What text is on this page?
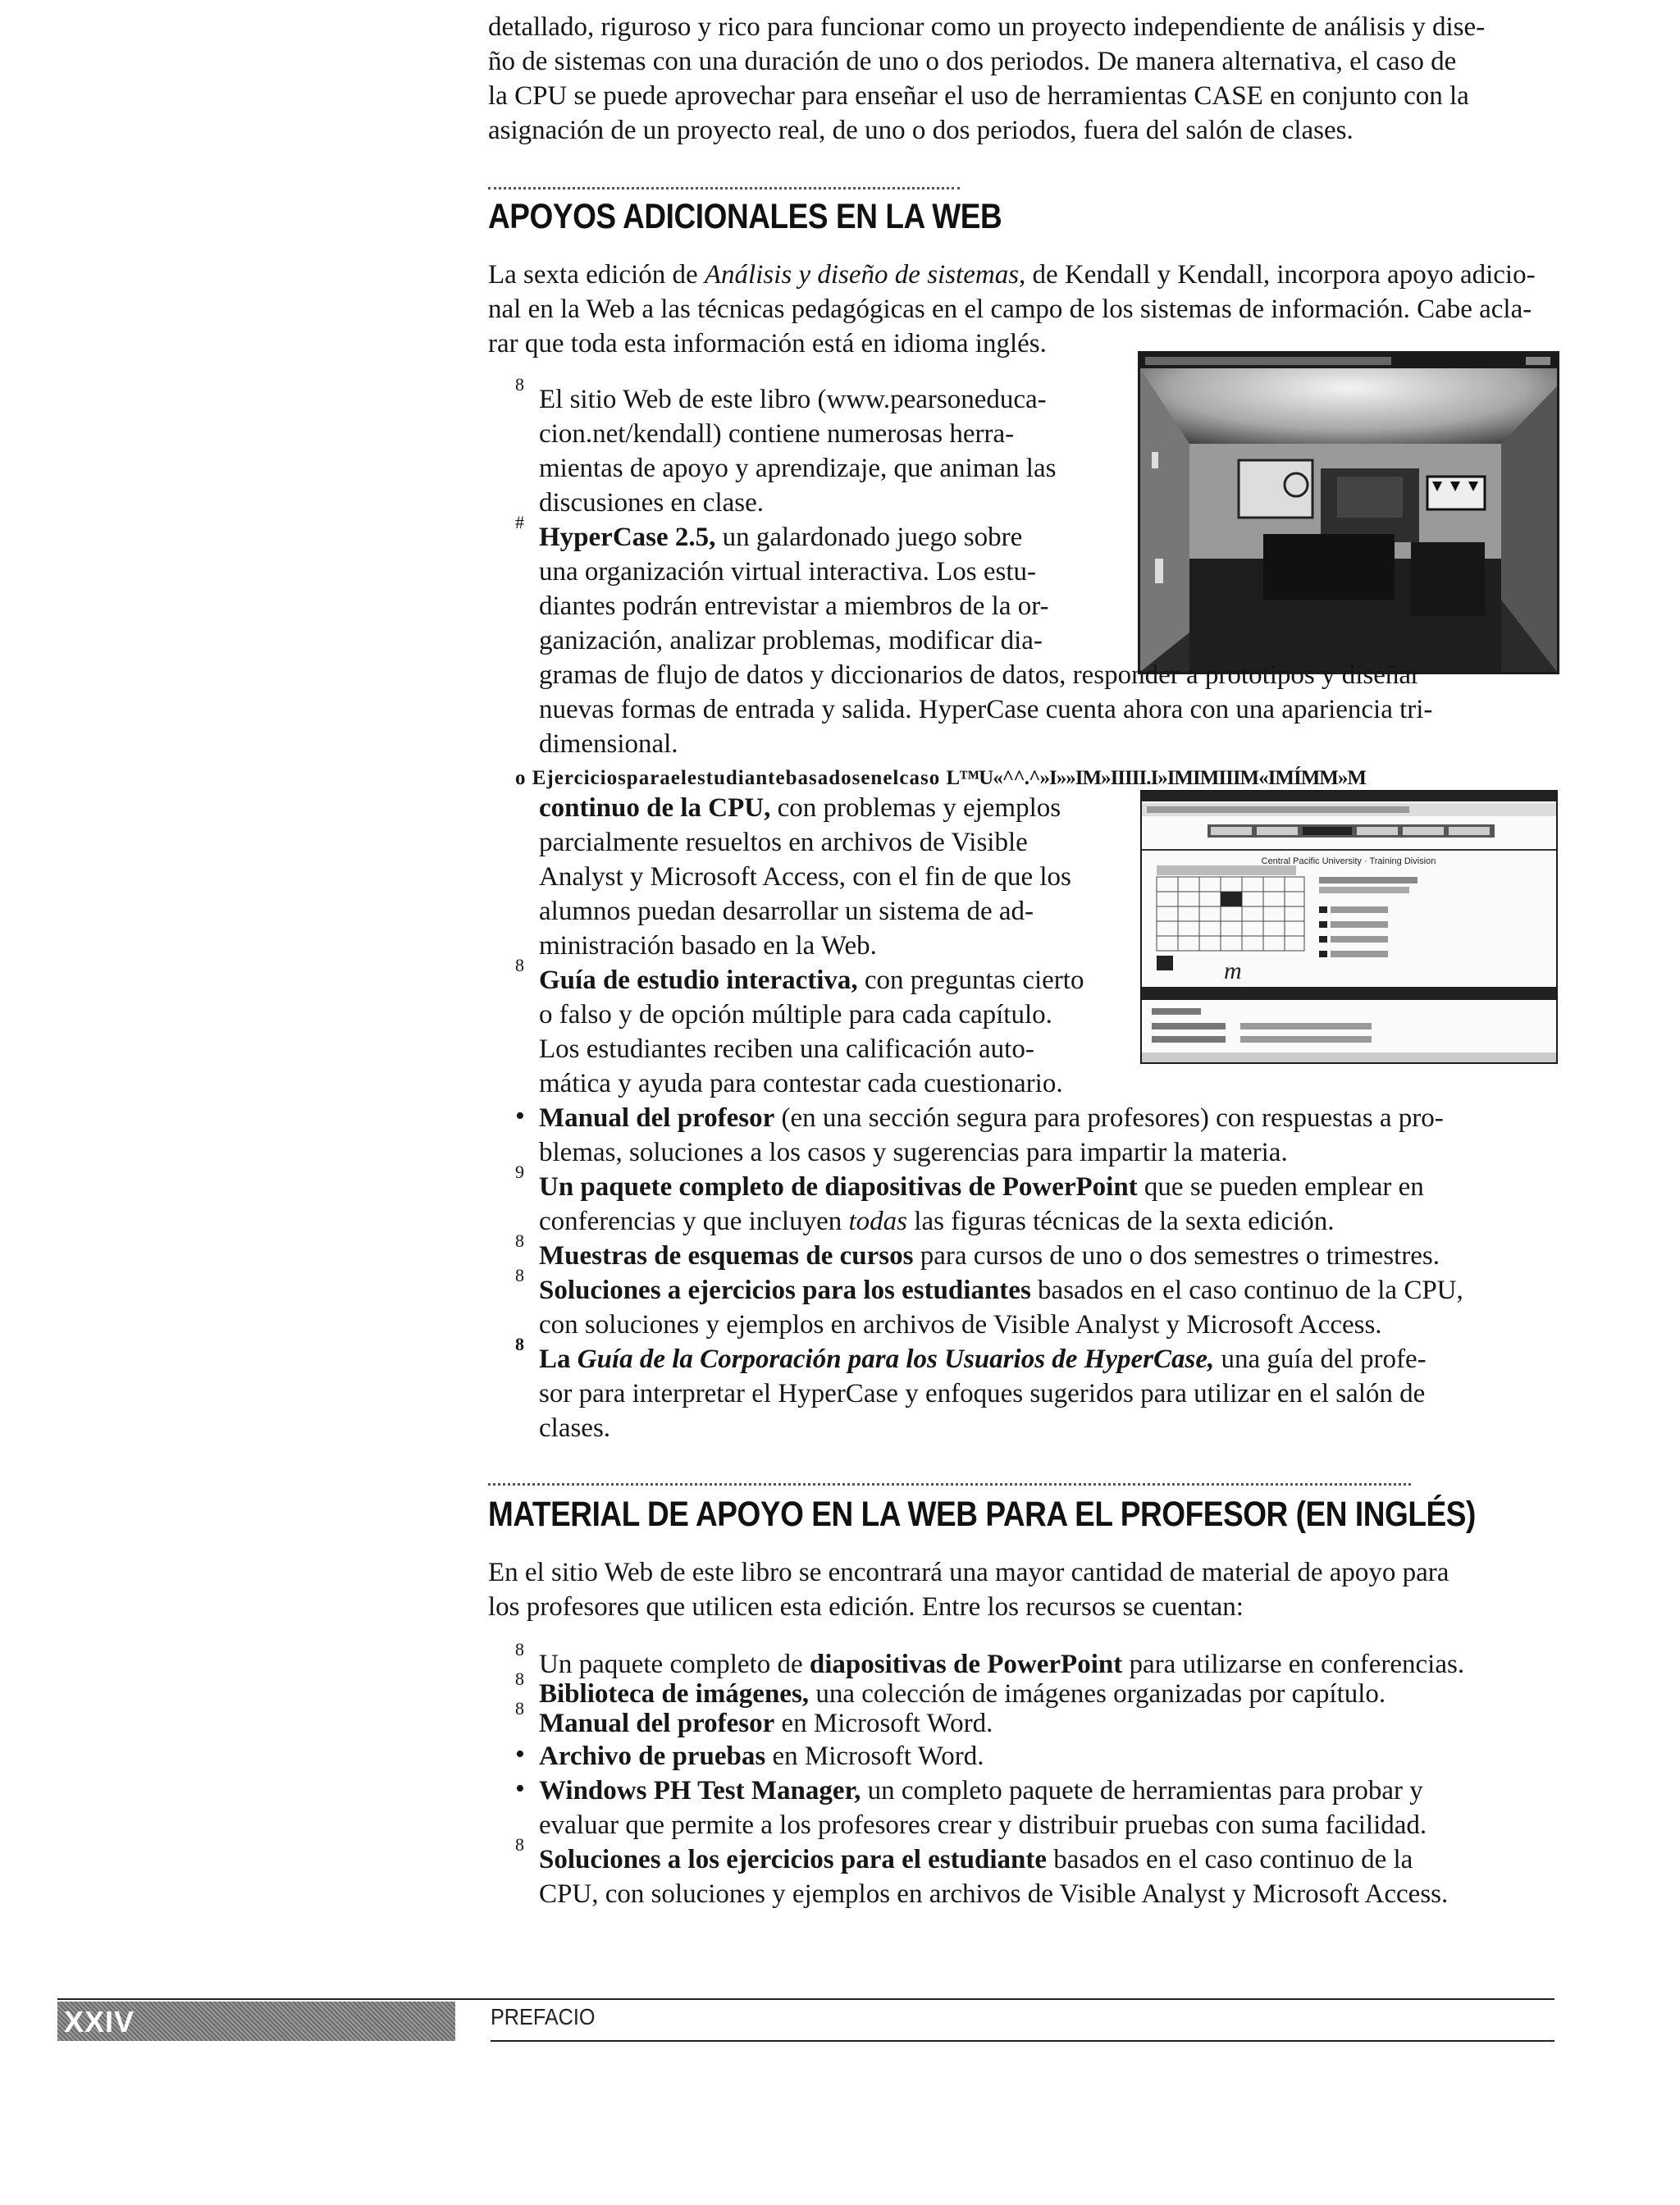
detallado, riguroso y rico para funcionar como un proyecto independiente de análisis y dise-

ño de sistemas con una duración de uno o dos periodos. De manera alternativa, el caso de

la CPU se puede aprovechar para enseñar el uso de herramientas CASE en conjunto con la

asignación de un proyecto real, de uno o dos periodos, fuera del salón de clases.

APOYOS ADICIONALES EN LA WEB

La sexta edición de Análisis y diseño de sistemas, de Kendall y Kendall, incorpora apoyo adicio-

nal en la Web a las técnicas pedagógicas en el campo de los sistemas de información. Cabe acla-

rar que toda esta información está en idioma inglés.

8

El sitio Web de este libro (www.pearsoneduca-

cion.net/kendall) contiene numerosas herra-

mientas de apoyo y aprendizaje, que animan las

discusiones en clase.

#

HyperCase 2.5, un galardonado juego sobre

una organización virtual interactiva. Los estu-

diantes podrán entrevistar a miembros de la or-

ganización, analizar problemas, modificar dia-

gramas de flujo de datos y diccionarios de datos, responder a prototipos y diseñar

nuevas formas de entrada y salida. HyperCase cuenta ahora con una apariencia tri-

dimensional.

o Ejerciciosparaelestudiantebasadosenelcaso L™U«^^.^»I»»IM»IIIII.I»IMIMIIIM«IMÍMM»M

Central Pacific University · Training Division
m

continuo de la CPU, con problemas y ejemplos

parcialmente resueltos en archivos de Visible

Analyst y Microsoft Access, con el fin de que los

alumnos puedan desarrollar un sistema de ad-

ministración basado en la Web.

8

Guía de estudio interactiva, con preguntas cierto

o falso y de opción múltiple para cada capítulo.

Los estudiantes reciben una calificación auto-

mática y ayuda para contestar cada cuestionario.

• Manual del profesor (en una sección segura para profesores) con respuestas a pro-

blemas, soluciones a los casos y sugerencias para impartir la materia.

9

Un paquete completo de diapositivas de PowerPoint que se pueden emplear en

conferencias y que incluyen todas las figuras técnicas de la sexta edición.

8

Muestras de esquemas de cursos para cursos de uno o dos semestres o trimestres.

8

Soluciones a ejercicios para los estudiantes basados en el caso continuo de la CPU,

con soluciones y ejemplos en archivos de Visible Analyst y Microsoft Access.

8

La Guía de la Corporación para los Usuarios de HyperCase, una guía del profe-

sor para interpretar el HyperCase y enfoques sugeridos para utilizar en el salón de

clases.

MATERIAL DE APOYO EN LA WEB PARA EL PROFESOR (EN INGLÉS)

En el sitio Web de este libro se encontrará una mayor cantidad de material de apoyo para

los profesores que utilicen esta edición. Entre los recursos se cuentan:

8

Un paquete completo de diapositivas de PowerPoint para utilizarse en conferencias.

8

Biblioteca de imágenes, una colección de imágenes organizadas por capítulo.

8

Manual del profesor en Microsoft Word.

• Archivo de pruebas en Microsoft Word.

• Windows PH Test Manager, un completo paquete de herramientas para probar y

evaluar que permite a los profesores crear y distribuir pruebas con suma facilidad.

8

Soluciones a los ejercicios para el estudiante basados en el caso continuo de la

CPU, con soluciones y ejemplos en archivos de Visible Analyst y Microsoft Access.

XXIV	PREFACIO
